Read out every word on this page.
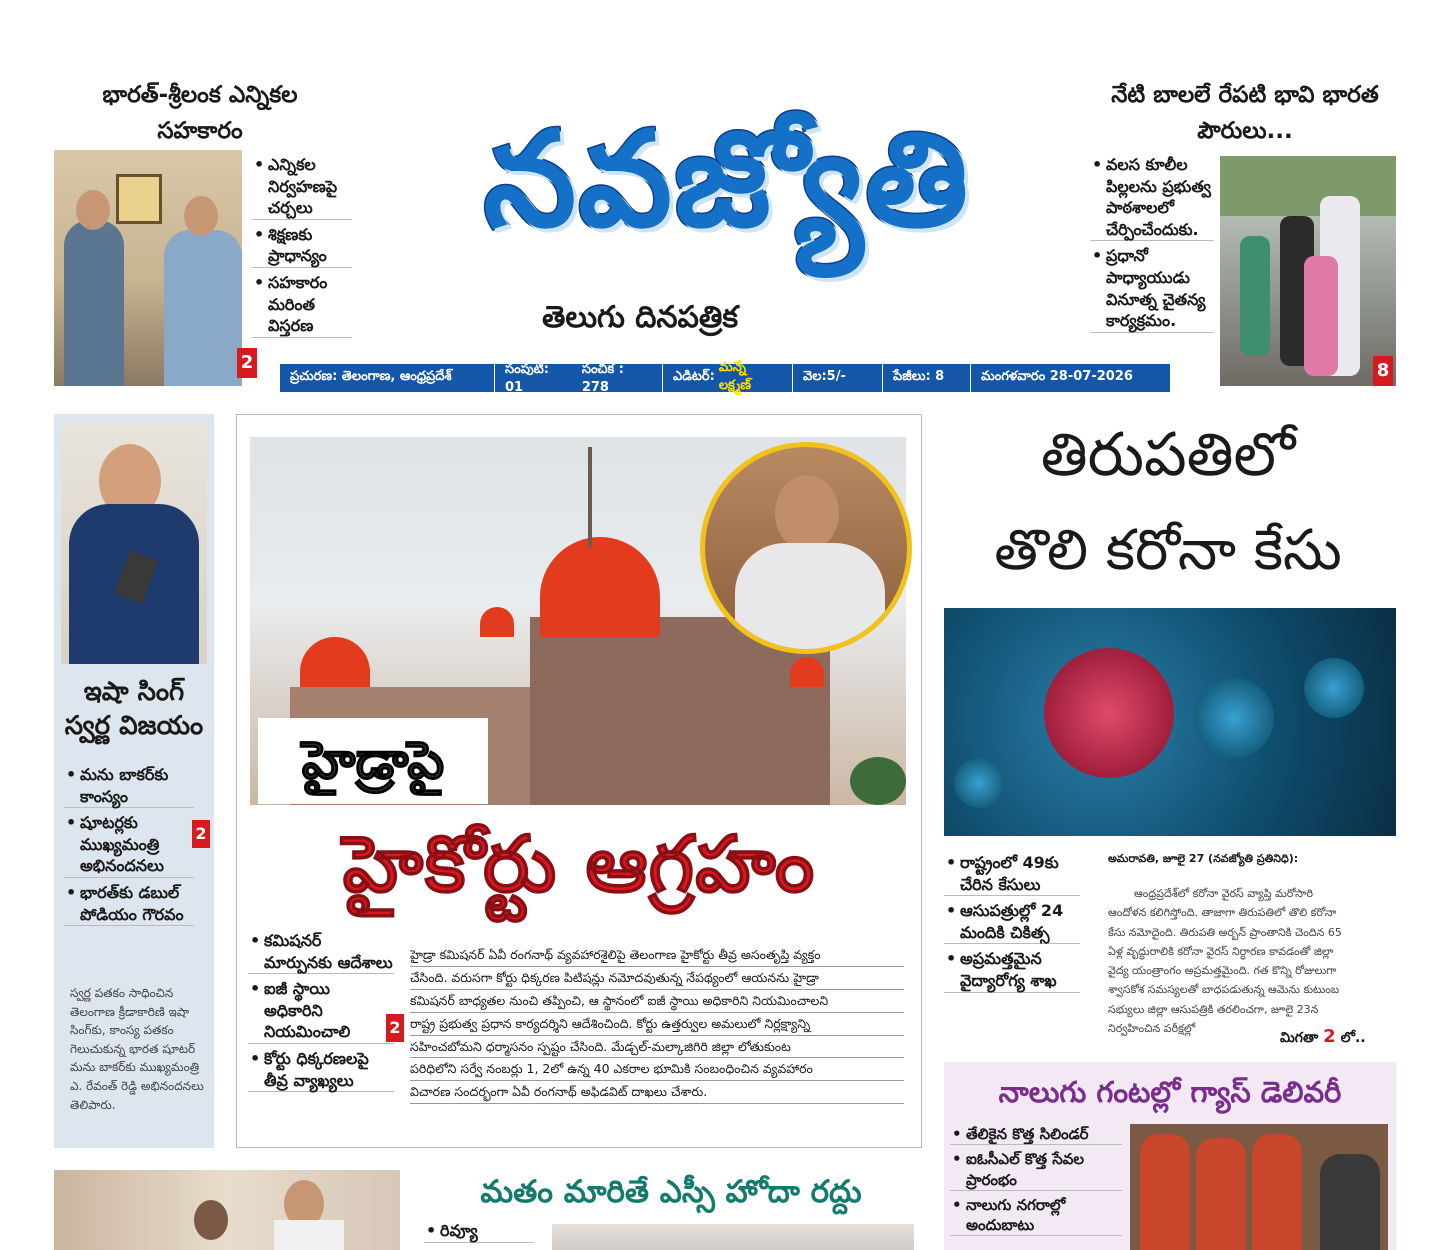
భారత్-శ్రీలంక ఎన్నికల సహకారం
2
• ఎన్నికల నిర్వహణపై చర్చలు
• శిక్షణకు ప్రాధాన్యం
• సహకారం మరింత విస్తరణ
నవజ్యోతి
తెలుగు దినపత్రిక
ప్రచురణ: తెలంగాణ, ఆంధ్రప్రదేశ్	సంపుటి: 01

సంచిక : 278
ఎడిటర్:
మన్నే లక్ష్మణ్
వెల:5/-	పేజీలు: 8	మంగళవారం 28-07-2026
నేటి బాలలే రేపటి భావి భారత పౌరులు...
• వలస కూలీల పిల్లలను ప్రభుత్వ పాఠశాలలో చేర్పించేందుకు.
• ప్రధానో పాధ్యాయుడు వినూత్న చైతన్య కార్యక్రమం.
8
ఇషా సింగ్ స్వర్ణ విజయం
• మను బాకర్‌కు కాంస్యం
• షూటర్లకు ముఖ్యమంత్రి అభినందనలు
• భారత్‌కు డబుల్ పోడియం గౌరవం
2
స్వర్ణ పతకం సాధించిన తెలంగాణ క్రీడాకారిణి ఇషా సింగ్‌కు, కాంస్య పతకం గెలుచుకున్న భారత షూటర్ మను బాకర్‌కు ముఖ్యమంత్రి ఎ. రేవంత్ రెడ్డి అభినందనలు తెలిపారు.
హైడ్రాపై
హైకోర్టు ఆగ్రహం
• కమిషనర్ మార్పునకు ఆదేశాలు
• ఐజీ స్థాయి అధికారిని నియమించాలి
• కోర్టు ధిక్కరణలపై తీవ్ర వ్యాఖ్యలు
2
హైడ్రా కమిషనర్ ఏవీ రంగనాథ్ వ్యవహారశైలిపై తెలంగాణ హైకోర్టు తీవ్ర అసంతృప్తి వ్యక్తం
చేసింది. వరుసగా కోర్టు ధిక్కరణ పిటిషన్లు నమోదవుతున్న నేపథ్యంలో ఆయనను హైడ్రా
కమిషనర్ బాధ్యతల నుంచి తప్పించి, ఆ స్థానంలో ఐజీ స్థాయి అధికారిని నియమించాలని
రాష్ట్ర ప్రభుత్వ ప్రధాన కార్యదర్శిని ఆదేశించింది. కోర్టు ఉత్తర్వుల అమలులో నిర్లక్ష్యాన్ని
సహించబోమని ధర్మాసనం స్పష్టం చేసింది. మేడ్చల్-మల్కాజిగిరి జిల్లా లోతుకుంట
పరిధిలోని సర్వే నంబర్లు 1, 2లో ఉన్న 40 ఎకరాల భూమికి సంబంధించిన వ్యవహారం
విచారణ సందర్భంగా ఏవీ రంగనాథ్ అఫిడవిట్ దాఖలు చేశారు.
తిరుపతిలో
తొలి కరోనా కేసు
• రాష్ట్రంలో 49కు చేరిన కేసులు
• ఆసుపత్రుల్లో 24 మందికి చికిత్స
• అప్రమత్తమైన వైద్యారోగ్య శాఖ
అమరావతి, జూలై 27 (నవజ్యోతి ప్రతినిధి):
ఆంధ్రప్రదేశ్‌లో కరోనా వైరస్ వ్యాప్తి మరోసారి
ఆందోళన కలిగిస్తోంది. తాజాగా తిరుపతిలో తొలి కరోనా
కేసు నమోదైంది. తిరుపతి అర్బన్ ప్రాంతానికి చెందిన 65
ఏళ్ల వృద్ధురాలికి కరోనా వైరస్ నిర్ధారణ కావడంతో జిల్లా
వైద్య యంత్రాంగం అప్రమత్తమైంది. గత కొన్ని రోజులుగా
శ్వాసకోశ సమస్యలతో బాధపడుతున్న ఆమెను కుటుంబ
సభ్యులు జిల్లా ఆసుపత్రికి తరలించగా, జూలై 23న
నిర్వహించిన పరీక్షల్లో
మిగతా 2 లో..
నాలుగు గంటల్లో గ్యాస్ డెలివరీ
• తేలికైన కొత్త సిలిండర్
• ఐఓసీఎల్ కొత్త సేవల ప్రారంభం
• నాలుగు నగరాల్లో అందుబాటు
మతం మారితే ఎస్సీ హోదా రద్దు
• రివ్యూ
